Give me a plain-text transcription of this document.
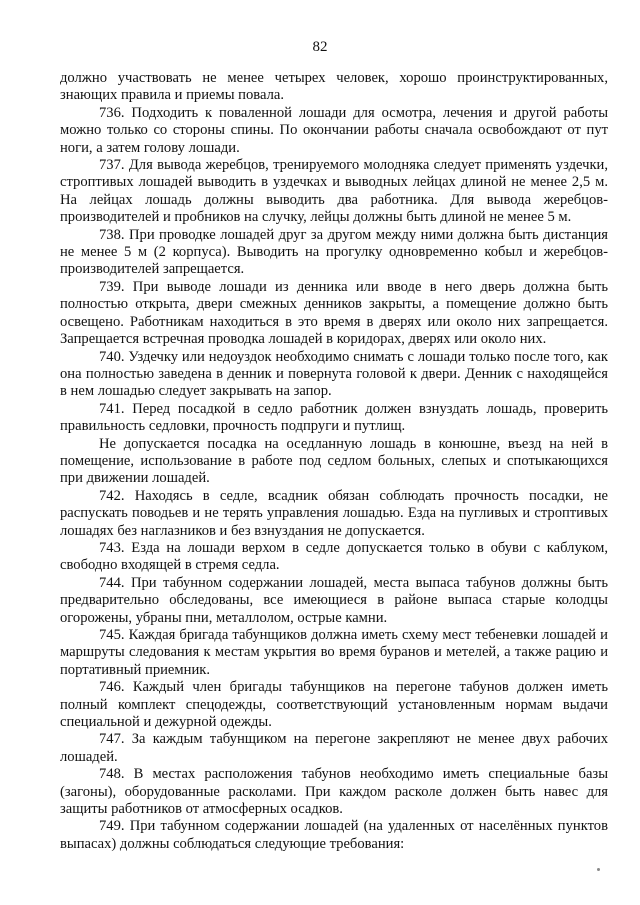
82

должно участвовать не менее четырех человек, хорошо проинструктированных, знающих правила и приемы повала.

736. Подходить к поваленной лошади для осмотра, лечения и другой работы можно только со стороны спины. По окончании работы сначала освобождают от пут ноги, а затем голову лошади.

737. Для вывода жеребцов, тренируемого молодняка следует применять уздечки, строптивых лошадей выводить в уздечках и выводных лейцах длиной не менее 2,5 м. На лейцах лошадь должны выводить два работника. Для вывода жеребцов-производителей и пробников на случку, лейцы должны быть длиной не менее 5 м.

738. При проводке лошадей друг за другом между ними должна быть дистанция не менее 5 м (2 корпуса). Выводить на прогулку одновременно кобыл и жеребцов-производителей запрещается.

739. При выводе лошади из денника или вводе в него дверь должна быть полностью открыта, двери смежных денников закрыты, а помещение должно быть освещено. Работникам находиться в это время в дверях или около них запрещается. Запрещается встречная проводка лошадей в коридорах, дверях или около них.

740. Уздечку или недоуздок необходимо снимать с лошади только после того, как она полностью заведена в денник и повернута головой к двери. Денник с находящейся в нем лошадью следует закрывать на запор.

741. Перед посадкой в седло работник должен взнуздать лошадь, проверить правильность седловки, прочность подпруги и путлищ.

Не допускается посадка на оседланную лошадь в конюшне, въезд на ней в помещение, использование в работе под седлом больных, слепых и спотыкающихся при движении лошадей.

742. Находясь в седле, всадник обязан соблюдать прочность посадки, не распускать поводьев и не терять управления лошадью. Езда на пугливых и строптивых лошадях без наглазников и без взнуздания не допускается.

743. Езда на лошади верхом в седле допускается только в обуви с каблуком, свободно входящей в стремя седла.

744. При табунном содержании лошадей, места выпаса табунов должны быть предварительно обследованы, все имеющиеся в районе выпаса старые колодцы огорожены, убраны пни, металлолом, острые камни.

745. Каждая бригада табунщиков должна иметь схему мест тебеневки лошадей и маршруты следования к местам укрытия во время буранов и метелей, а также рацию и портативный приемник.

746. Каждый член бригады табунщиков на перегоне табунов должен иметь полный комплект спецодежды, соответствующий установленным нормам выдачи специальной и дежурной одежды.

747. За каждым табунщиком на перегоне закрепляют не менее двух рабочих лошадей.

748. В местах расположения табунов необходимо иметь специальные базы (загоны), оборудованные расколами. При каждом расколе должен быть навес для защиты работников от атмосферных осадков.

749. При табунном содержании лошадей (на удаленных от населённых пунктов выпасах) должны соблюдаться следующие требования:
